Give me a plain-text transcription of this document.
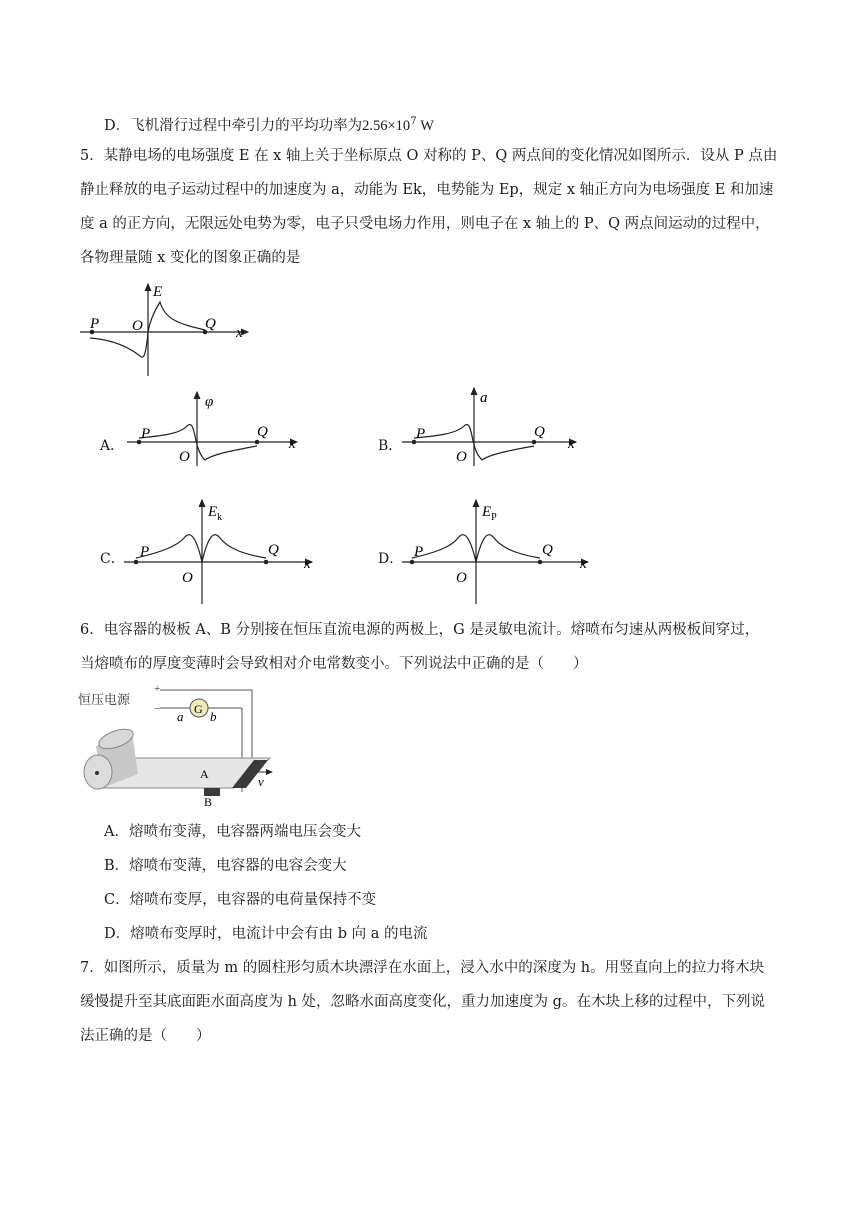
D．飞机滑行过程中牵引力的平均功率为$2.56\times 10^7$ W
5．某静电场的电场强度 E 在 x 轴上关于坐标原点 O 对称的 P、Q 两点间的变化情况如图所示．设从 P 点由
静止释放的电子运动过程中的加速度为 a，动能为 Ek，电势能为 Ep，规定 x 轴正方向为电场强度 E 和加速
度 a 的正方向，无限远处电势为零，电子只受电场力作用，则电子在 x 轴上的 P、Q 两点间运动的过程中，
各物理量随 x 变化的图象正确的是
P	Q
O	x
E
A．
P	Q
O
x
φ
B．
P	Q
O
x
a
C． P	Q
O
x
$E_k$
D． P	Q
O
x
$E_P$
6．电容器的极板 A、B 分别接在恒压直流电源的两极上，G 是灵敏电流计。熔喷布匀速从两极板间穿过，
当熔喷布的厚度变薄时会导致相对介电常数变小。下列说法中正确的是（　　）
恒压电源
+
−	G
a b
A
B
v
A．熔喷布变薄，电容器两端电压会变大
B．熔喷布变薄，电容器的电容会变大
C．熔喷布变厚，电容器的电荷量保持不变
D．熔喷布变厚时，电流计中会有由 b 向 a 的电流
7．如图所示，质量为 m 的圆柱形匀质木块漂浮在水面上，浸入水中的深度为 h。用竖直向上的拉力将木块
缓慢提升至其底面距水面高度为 h 处，忽略水面高度变化，重力加速度为 g。在木块上移的过程中，下列说
法正确的是（　　）
